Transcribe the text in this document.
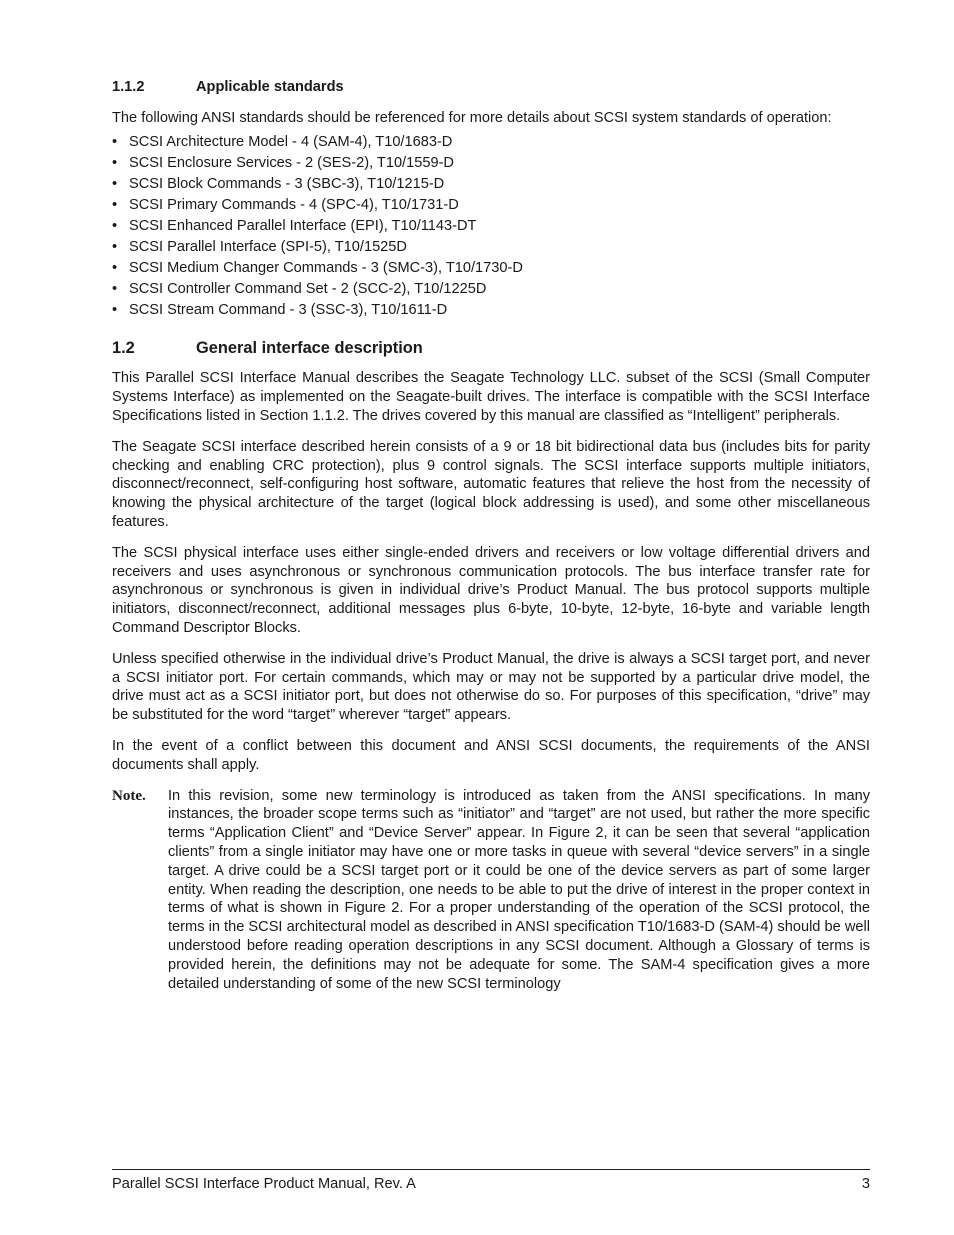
1.1.2	Applicable standards

The following ANSI standards should be referenced for more details about SCSI system standards of operation:

• SCSI Architecture Model - 4 (SAM-4), T10/1683-D
• SCSI Enclosure Services - 2 (SES-2), T10/1559-D
• SCSI Block Commands - 3 (SBC-3), T10/1215-D
• SCSI Primary Commands - 4 (SPC-4), T10/1731-D
• SCSI Enhanced Parallel Interface (EPI), T10/1143-DT
• SCSI Parallel Interface (SPI-5), T10/1525D
• SCSI Medium Changer Commands - 3 (SMC-3), T10/1730-D
• SCSI Controller Command Set - 2 (SCC-2), T10/1225D
• SCSI Stream Command - 3 (SSC-3), T10/1611-D
1.2	General interface description

This Parallel SCSI Interface Manual describes the Seagate Technology LLC. subset of the SCSI (Small Computer Systems Interface) as implemented on the Seagate-built drives. The interface is compatible with the SCSI Interface Specifications listed in Section 1.1.2. The drives covered by this manual are classified as “Intelligent” peripherals.

The Seagate SCSI interface described herein consists of a 9 or 18 bit bidirectional data bus (includes bits for parity checking and enabling CRC protection), plus 9 control signals. The SCSI interface supports multiple initiators, disconnect/reconnect, self-configuring host software, automatic features that relieve the host from the necessity of knowing the physical architecture of the target (logical block addressing is used), and some other miscellaneous features.

The SCSI physical interface uses either single-ended drivers and receivers or low voltage differential drivers and receivers and uses asynchronous or synchronous communication protocols. The bus interface transfer rate for asynchronous or synchronous is given in individual drive’s Product Manual. The bus protocol supports multiple initiators, disconnect/reconnect, additional messages plus 6-byte, 10-byte, 12-byte, 16-byte and variable length Command Descriptor Blocks.

Unless specified otherwise in the individual drive’s Product Manual, the drive is always a SCSI target port, and never a SCSI initiator port. For certain commands, which may or may not be supported by a particular drive model, the drive must act as a SCSI initiator port, but does not otherwise do so. For purposes of this specification, “drive” may be substituted for the word “target” wherever “target” appears.

In the event of a conflict between this document and ANSI SCSI documents, the requirements of the ANSI documents shall apply.

Note.	In this revision, some new terminology is introduced as taken from the ANSI specifications. In many instances, the broader scope terms such as “initiator” and “target” are not used, but rather the more specific terms “Application Client” and “Device Server” appear. In Figure 2, it can be seen that several “application clients” from a single initiator may have one or more tasks in queue with several “device servers” in a single target. A drive could be a SCSI target port or it could be one of the device servers as part of some larger entity. When reading the description, one needs to be able to put the drive of interest in the proper context in terms of what is shown in Figure 2. For a proper understanding of the operation of the SCSI protocol, the terms in the SCSI architectural model as described in ANSI specification T10/1683-D (SAM-4) should be well understood before reading operation descriptions in any SCSI document. Although a Glossary of terms is provided herein, the definitions may not be adequate for some. The SAM-4 specification gives a more detailed understanding of some of the new SCSI terminology
Parallel SCSI Interface Product Manual, Rev. A	3
